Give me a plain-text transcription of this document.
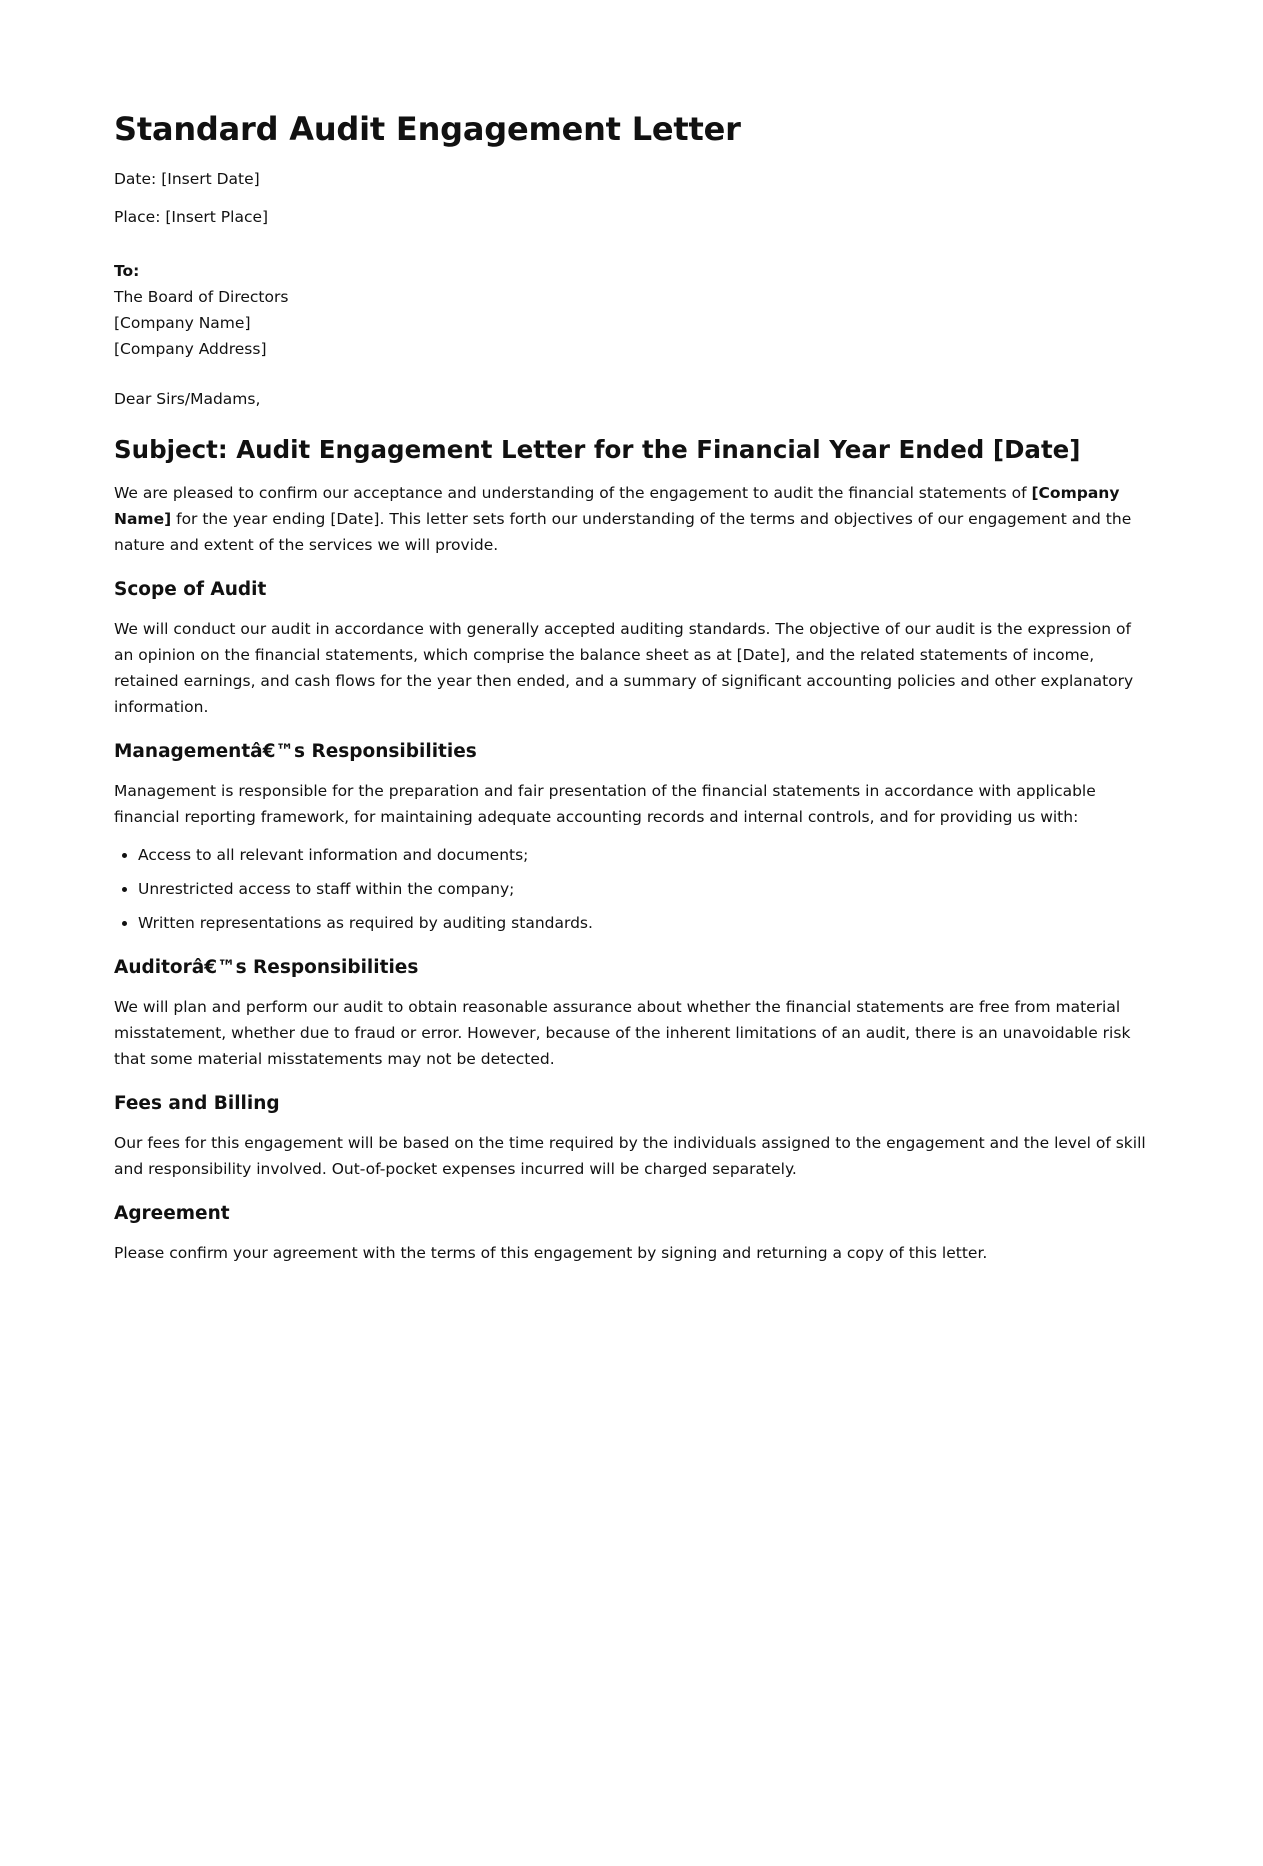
Standard Audit Engagement Letter

Date: [Insert Date]

Place: [Insert Place]

To:

The Board of Directors

[Company Name]

[Company Address]

Dear Sirs/Madams,

Subject: Audit Engagement Letter for the Financial Year Ended [Date]

We are pleased to confirm our acceptance and understanding of the engagement to audit the financial statements of [Company Name] for the year ending [Date]. This letter sets forth our understanding of the terms and objectives of our engagement and the nature and extent of the services we will provide.

Scope of Audit

We will conduct our audit in accordance with generally accepted auditing standards. The objective of our audit is the expression of an opinion on the financial statements, which comprise the balance sheet as at [Date], and the related statements of income, retained earnings, and cash flows for the year then ended, and a summary of significant accounting policies and other explanatory information.

Managementâ€™s Responsibilities

Management is responsible for the preparation and fair presentation of the financial statements in accordance with applicable financial reporting framework, for maintaining adequate accounting records and internal controls, and for providing us with:

• Access to all relevant information and documents;
• Unrestricted access to staff within the company;
• Written representations as required by auditing standards.
Auditorâ€™s Responsibilities

We will plan and perform our audit to obtain reasonable assurance about whether the financial statements are free from material misstatement, whether due to fraud or error. However, because of the inherent limitations of an audit, there is an unavoidable risk that some material misstatements may not be detected.

Fees and Billing

Our fees for this engagement will be based on the time required by the individuals assigned to the engagement and the level of skill and responsibility involved. Out-of-pocket expenses incurred will be charged separately.

Agreement

Please confirm your agreement with the terms of this engagement by signing and returning a copy of this letter.
